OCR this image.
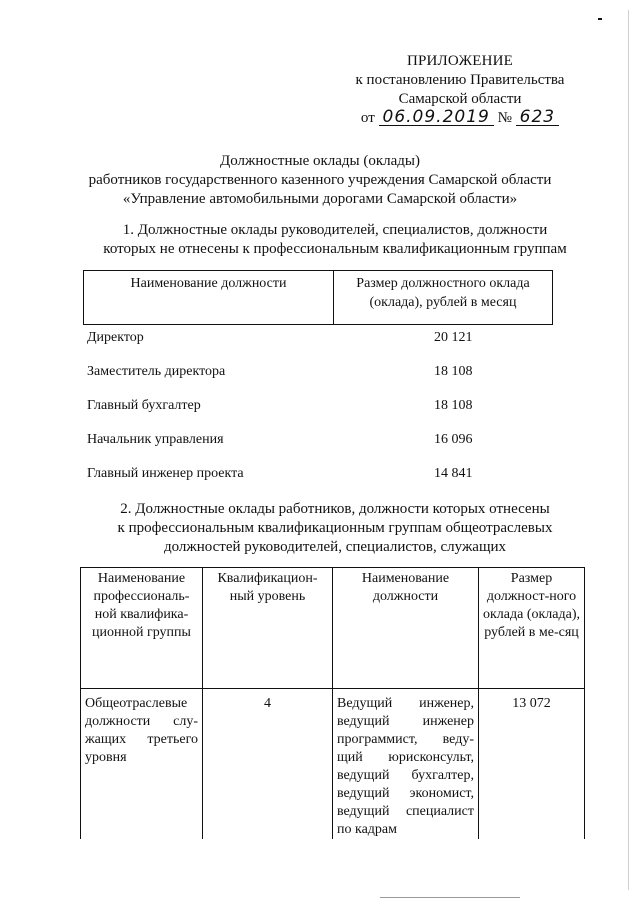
ПРИЛОЖЕНИЕ
к постановлению Правительства
Самарской области
от 06.09.2019 № 623
Должностные оклады (оклады)
работников государственного казенного учреждения Самарской области
«Управление автомобильными дорогами Самарской области»
1. Должностные оклады руководителей, специалистов, должности
которых не отнесены к профессиональным квалификационным группам
Наименование должности	Размер должностного оклада (оклада), рублей в месяц
Директор	20 121
Заместитель директора	18 108
Главный бухгалтер	18 108
Начальник управления	16 096
Главный инженер проекта	14 841
2. Должностные оклады работников, должности которых отнесены
к профессиональным квалификационным группам общеотраслевых
должностей руководителей, специалистов, служащих
Наименование профессиональ-ной квалифика-ционной группы	Квалификацион-ный уровень	Наименование должности	Размер должност-ного оклада (оклада), рублей в ме-сяц
Общеотраслевые должности слу-жащих третьего уровня	4	Ведущий инженер, ведущий инженер программист, веду-щий юрисконсульт, ведущий бухгалтер, ведущий экономист, ведущий специалист по кадрам	13 072
